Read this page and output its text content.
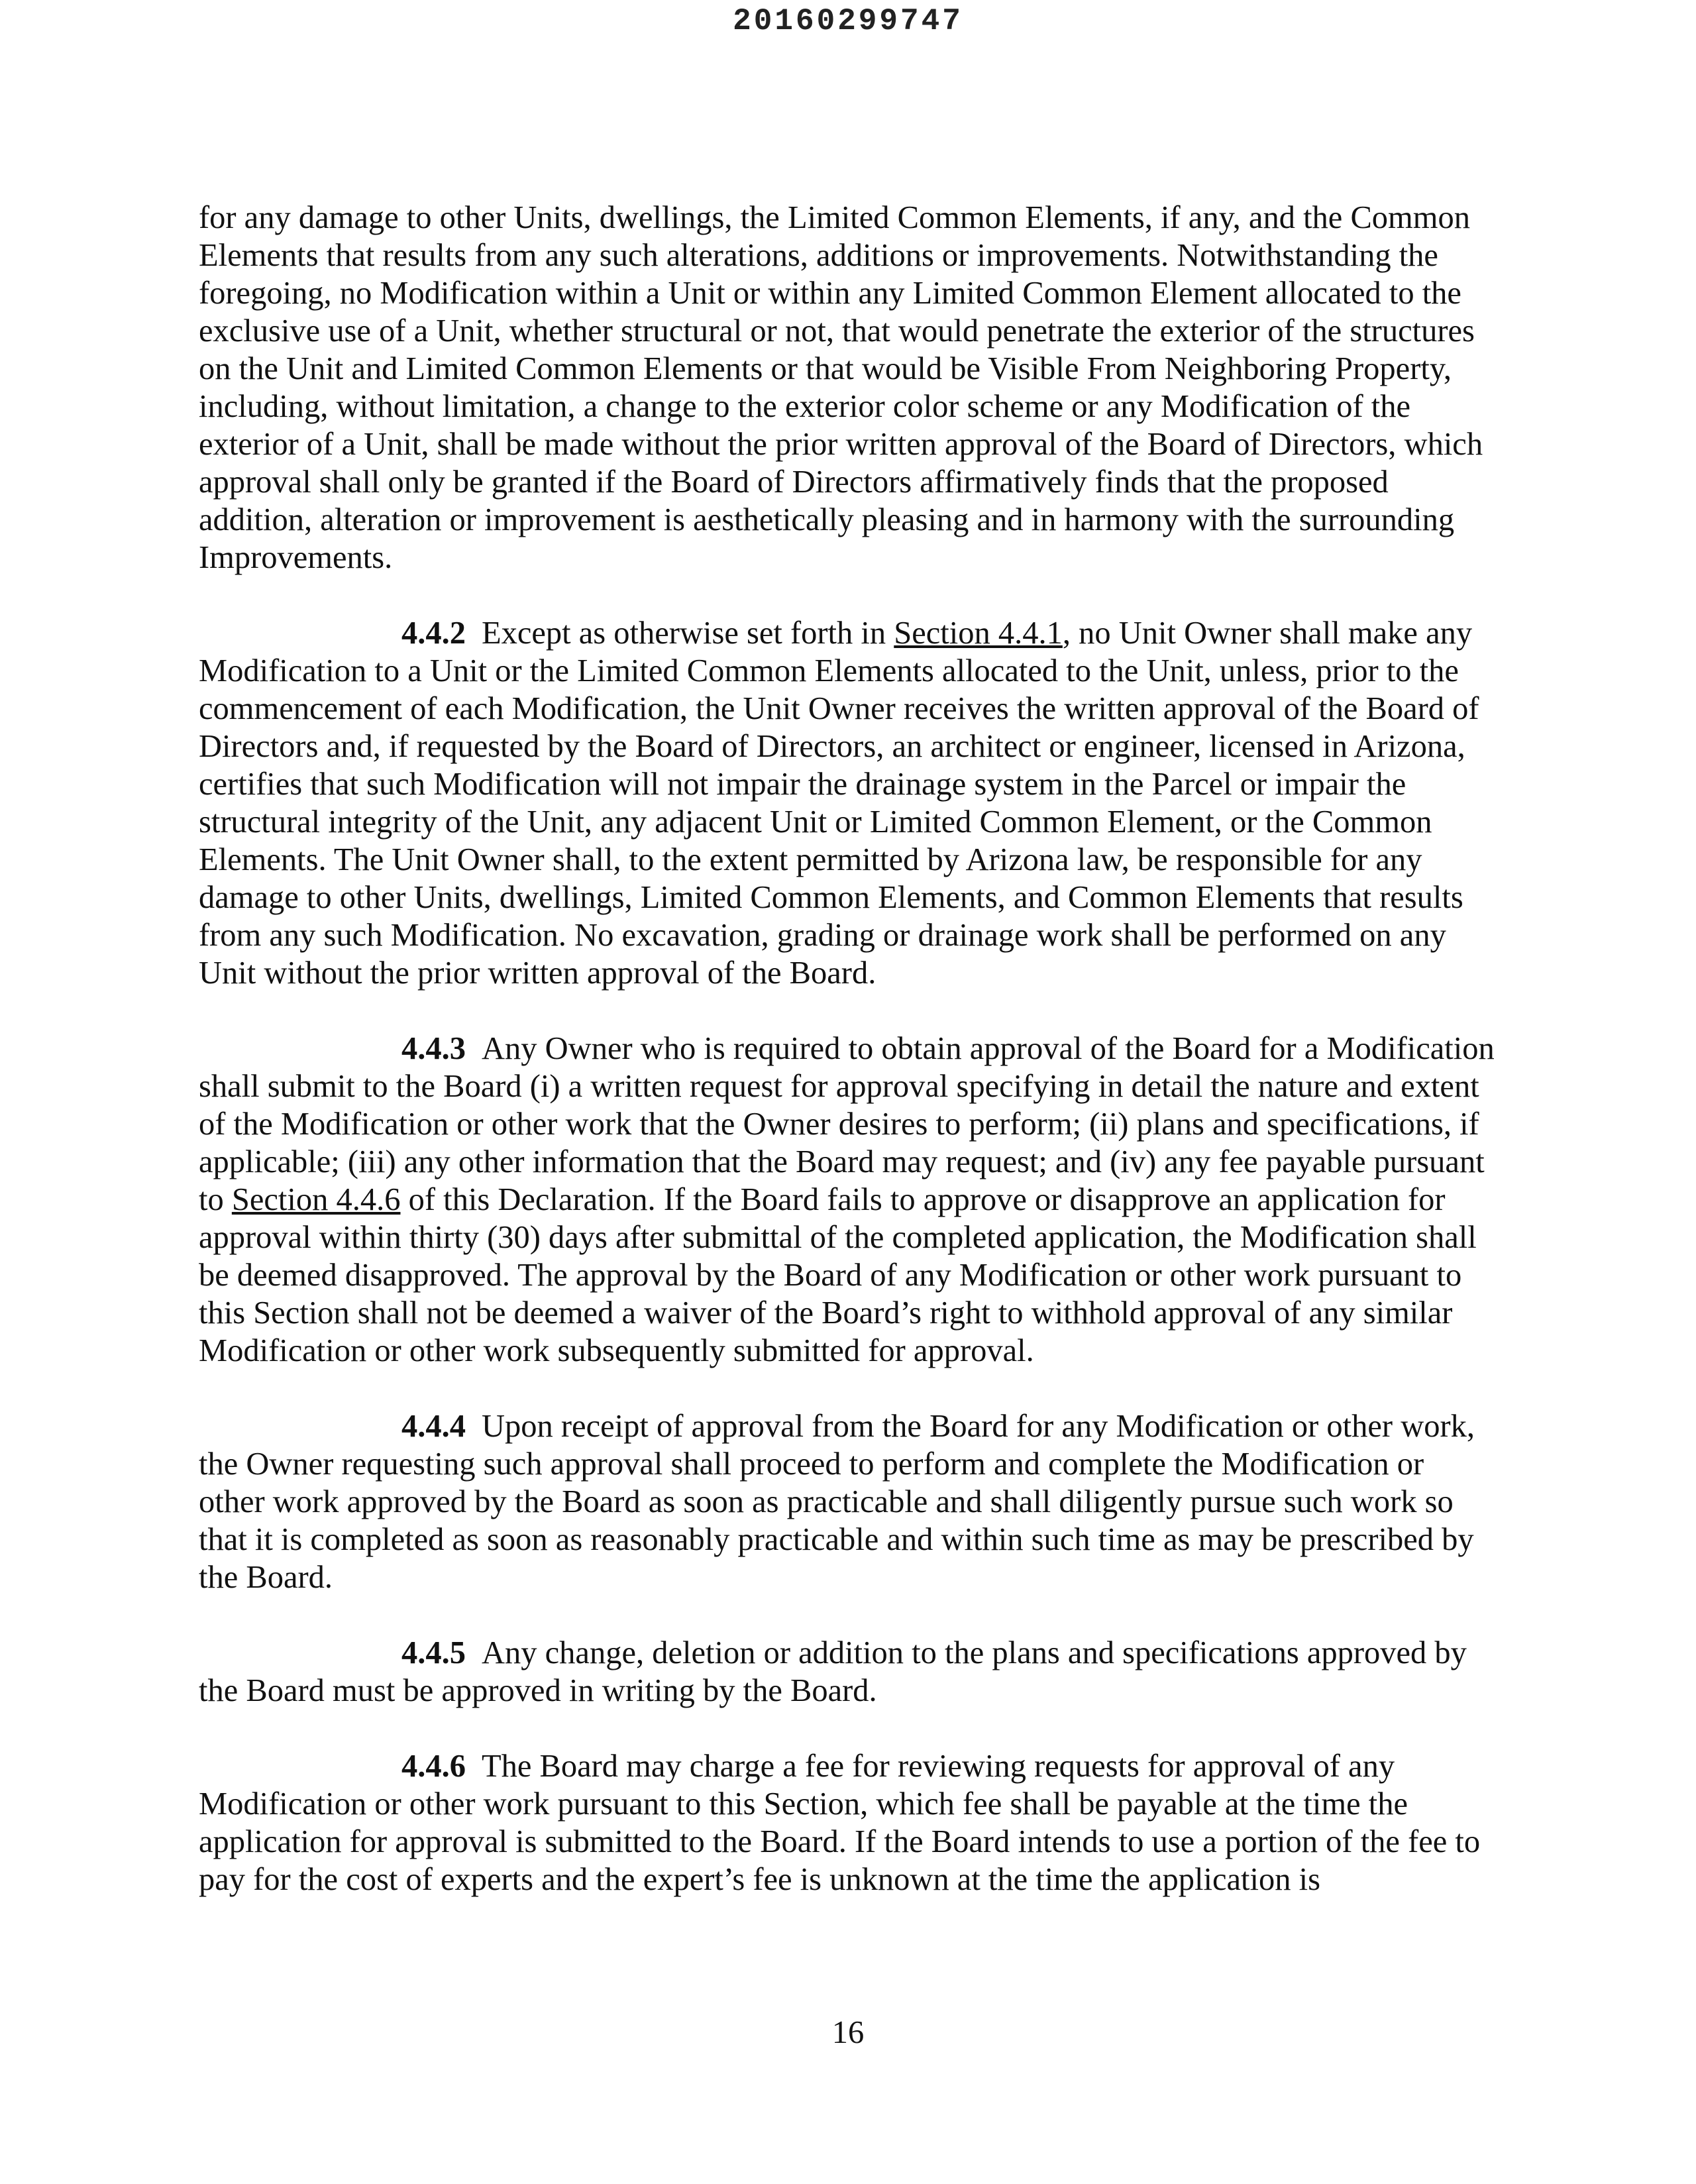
20160299747

for any damage to other Units, dwellings, the Limited Common Elements, if any, and the Common Elements that results from any such alterations, additions or improvements. Notwithstanding the foregoing, no Modification within a Unit or within any Limited Common Element allocated to the exclusive use of a Unit, whether structural or not, that would penetrate the exterior of the structures on the Unit and Limited Common Elements or that would be Visible From Neighboring Property, including, without limitation, a change to the exterior color scheme or any Modification of the exterior of a Unit, shall be made without the prior written approval of the Board of Directors, which approval shall only be granted if the Board of Directors affirmatively finds that the proposed addition, alteration or improvement is aesthetically pleasing and in harmony with the surrounding Improvements.

4.4.2 Except as otherwise set forth in Section 4.4.1, no Unit Owner shall make any Modification to a Unit or the Limited Common Elements allocated to the Unit, unless, prior to the commencement of each Modification, the Unit Owner receives the written approval of the Board of Directors and, if requested by the Board of Directors, an architect or engineer, licensed in Arizona, certifies that such Modification will not impair the drainage system in the Parcel or impair the structural integrity of the Unit, any adjacent Unit or Limited Common Element, or the Common Elements. The Unit Owner shall, to the extent permitted by Arizona law, be responsible for any damage to other Units, dwellings, Limited Common Elements, and Common Elements that results from any such Modification. No excavation, grading or drainage work shall be performed on any Unit without the prior written approval of the Board.

4.4.3 Any Owner who is required to obtain approval of the Board for a Modification shall submit to the Board (i) a written request for approval specifying in detail the nature and extent of the Modification or other work that the Owner desires to perform; (ii) plans and specifications, if applicable; (iii) any other information that the Board may request; and (iv) any fee payable pursuant to Section 4.4.6 of this Declaration. If the Board fails to approve or disapprove an application for approval within thirty (30) days after submittal of the completed application, the Modification shall be deemed disapproved. The approval by the Board of any Modification or other work pursuant to this Section shall not be deemed a waiver of the Board’s right to withhold approval of any similar Modification or other work subsequently submitted for approval.

4.4.4 Upon receipt of approval from the Board for any Modification or other work, the Owner requesting such approval shall proceed to perform and complete the Modification or other work approved by the Board as soon as practicable and shall diligently pursue such work so that it is completed as soon as reasonably practicable and within such time as may be prescribed by the Board.

4.4.5 Any change, deletion or addition to the plans and specifications approved by the Board must be approved in writing by the Board.

4.4.6 The Board may charge a fee for reviewing requests for approval of any Modification or other work pursuant to this Section, which fee shall be payable at the time the application for approval is submitted to the Board. If the Board intends to use a portion of the fee to pay for the cost of experts and the expert’s fee is unknown at the time the application is

16
